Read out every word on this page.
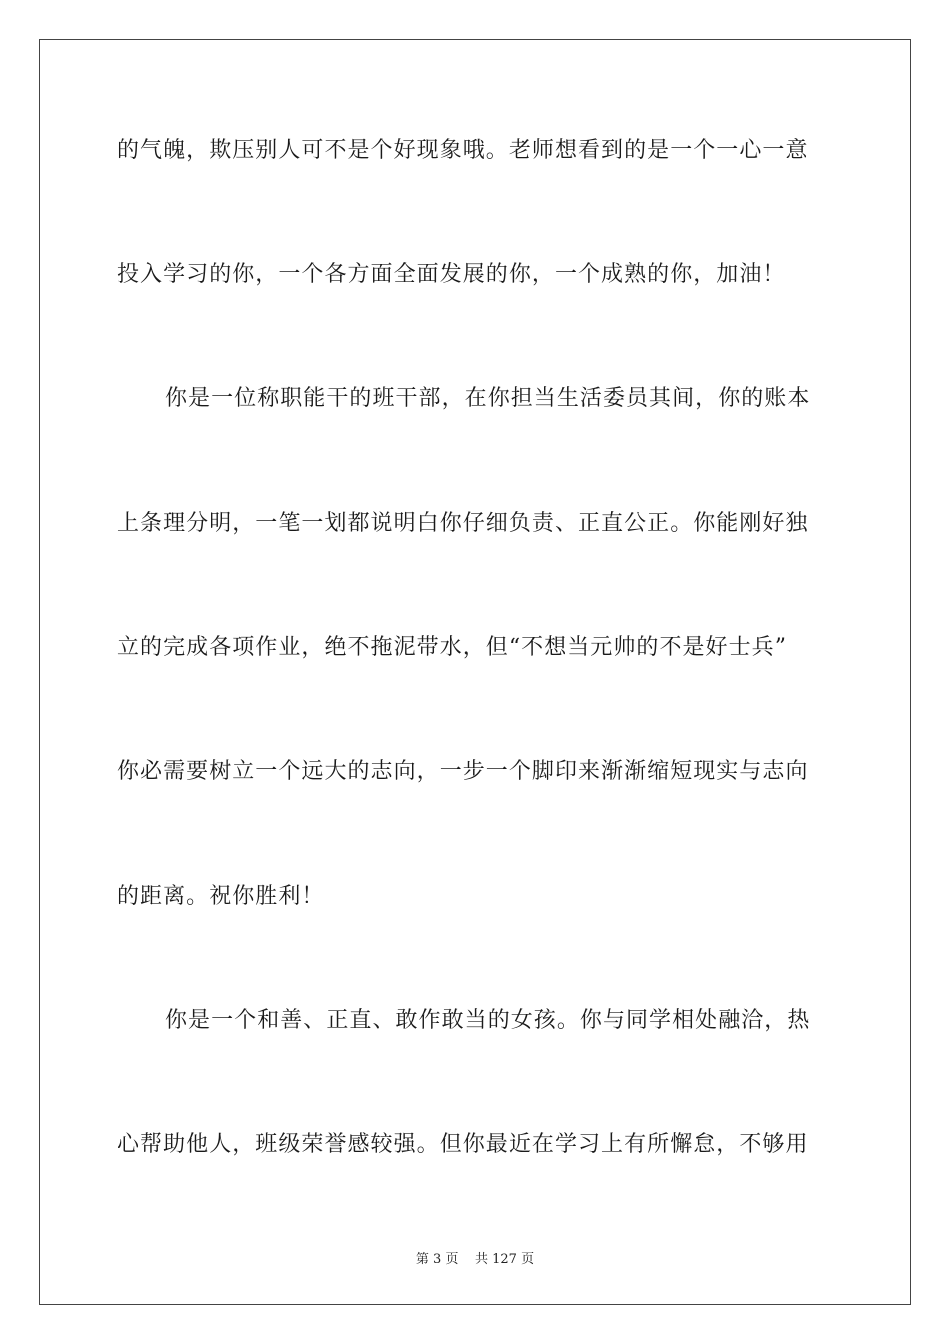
的气魄，欺压别人可不是个好现象哦。老师想看到的是一个一心一意
投入学习的你，一个各方面全面发展的你，一个成熟的你，加油！
你是一位称职能干的班干部，在你担当生活委员其间，你的账本
上条理分明，一笔一划都说明白你仔细负责、正直公正。你能刚好独
立的完成各项作业，绝不拖泥带水，但“不想当元帅的不是好士兵”
你必需要树立一个远大的志向，一步一个脚印来渐渐缩短现实与志向
的距离。祝你胜利！
你是一个和善、正直、敢作敢当的女孩。你与同学相处融洽，热
心帮助他人，班级荣誉感较强。但你最近在学习上有所懈怠，不够用
第 3 页    共 127 页
